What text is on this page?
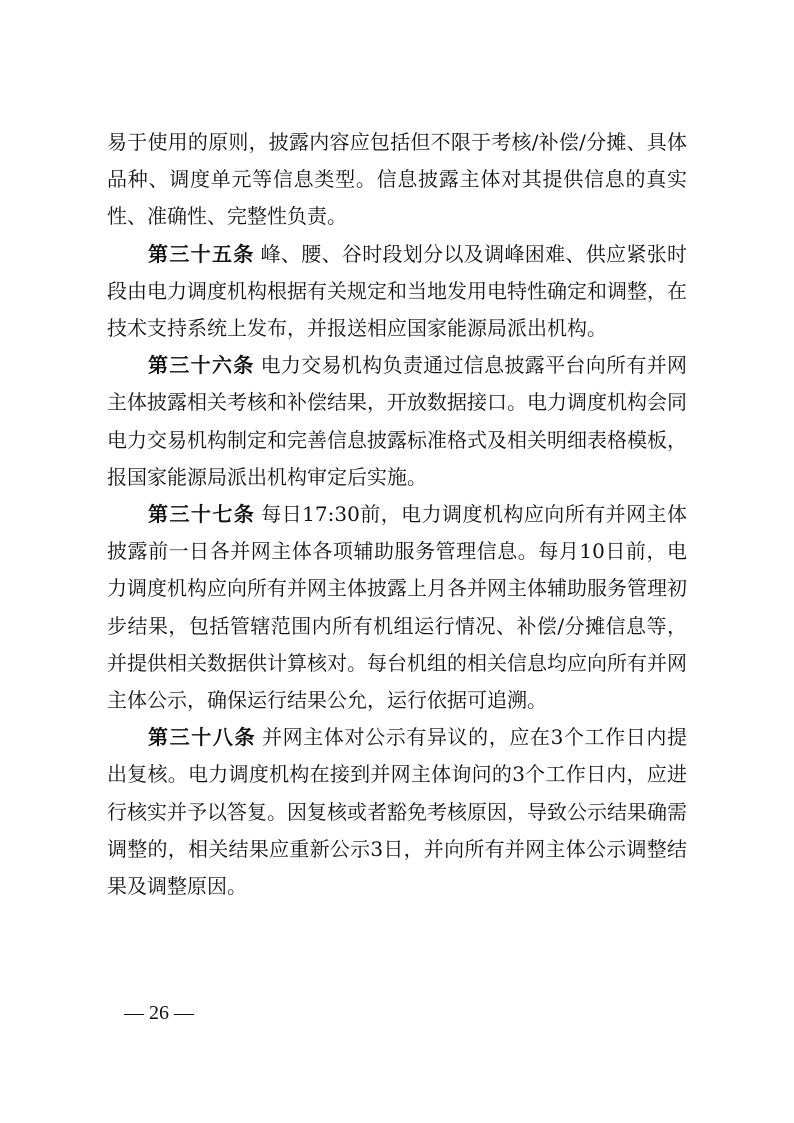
易于使用的原则，披露内容应包括但不限于考核/补偿/分摊、具体品种、调度单元等信息类型。信息披露主体对其提供信息的真实性、准确性、完整性负责。

第三十五条 峰、腰、谷时段划分以及调峰困难、供应紧张时段由电力调度机构根据有关规定和当地发用电特性确定和调整，在技术支持系统上发布，并报送相应国家能源局派出机构。

第三十六条 电力交易机构负责通过信息披露平台向所有并网主体披露相关考核和补偿结果，开放数据接口。电力调度机构会同电力交易机构制定和完善信息披露标准格式及相关明细表格模板，报国家能源局派出机构审定后实施。

第三十七条 每日17:30前，电力调度机构应向所有并网主体披露前一日各并网主体各项辅助服务管理信息。每月10日前，电力调度机构应向所有并网主体披露上月各并网主体辅助服务管理初步结果，包括管辖范围内所有机组运行情况、补偿/分摊信息等，并提供相关数据供计算核对。每台机组的相关信息均应向所有并网主体公示，确保运行结果公允，运行依据可追溯。

第三十八条 并网主体对公示有异议的，应在3个工作日内提出复核。电力调度机构在接到并网主体询问的3个工作日内，应进行核实并予以答复。因复核或者豁免考核原因，导致公示结果确需调整的，相关结果应重新公示3日，并向所有并网主体公示调整结果及调整原因。

— 26 —
